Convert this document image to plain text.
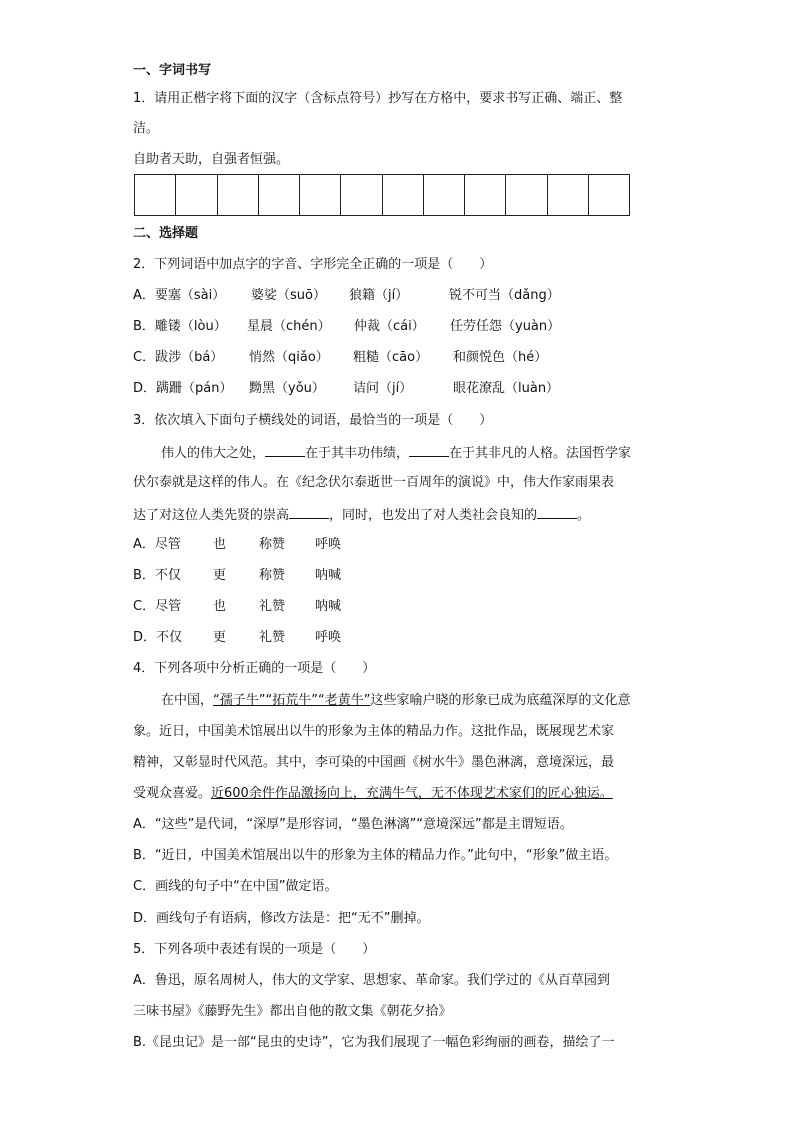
一、字词书写
1．请用正楷字将下面的汉字（含标点符号）抄写在方格中，要求书写正确、端正、整
洁。
自助者天助，自强者恒强。
二、选择题
2．下列词语中加点字的字音、字形完全正确的一项是（　　）
A．要塞（sài） 婆娑（suō） 狼籍（jí）	锐不可当（dǎng）
B．雕镂（lòu） 星晨（chén） 仲裁（cái） 任劳任怨（yuàn）
C．跋涉（bá） 悄然（qiǎo） 粗糙（cāo） 和颜悦色（hé）
D．蹒跚（pán） 黝黑（yǒu） 诘问（jí）	眼花潦乱（luàn）
3．依次填入下面句子横线处的词语，最恰当的一项是（　　）
伟人的伟大之处，	在于其丰功伟绩，	在于其非凡的人格。法国哲学家
伏尔泰就是这样的伟人。在《纪念伏尔泰逝世一百周年的演说》中，伟大作家雨果表
达了对这位人类先贤的崇高	，同时，也发出了对人类社会良知的	。
A．尽管 也	称赞 呼唤
B．不仅 更	称赞 呐喊
C．尽管 也	礼赞 呐喊
D．不仅 更	礼赞 呼唤
4．下列各项中分析正确的一项是（　　）
在中国，“孺子牛”“拓荒牛”“老黄牛”这些家喻户晓的形象已成为底蕴深厚的文化意
象。近日，中国美术馆展出以牛的形象为主体的精品力作。这批作品，既展现艺术家
精神，又彰显时代风范。其中，李可染的中国画《树水牛》墨色淋漓，意境深远，最
受观众喜爱。近600余件作品激扬向上，充满牛气，无不体现艺术家们的匠心独运。
A．“这些”是代词，“深厚”是形容词，“墨色淋漓”“意境深远”都是主谓短语。
B．“近日，中国美术馆展出以牛的形象为主体的精品力作。”此句中，“形象”做主语。
C．画线的句子中“在中国”做定语。
D．画线句子有语病，修改方法是：把“无不”删掉。
5．下列各项中表述有误的一项是（　　）
A．鲁迅，原名周树人，伟大的文学家、思想家、革命家。我们学过的《从百草园到
三味书屋》《藤野先生》都出自他的散文集《朝花夕拾》
B.《昆虫记》是一部“昆虫的史诗”，它为我们展现了一幅色彩绚丽的画卷，描绘了一
